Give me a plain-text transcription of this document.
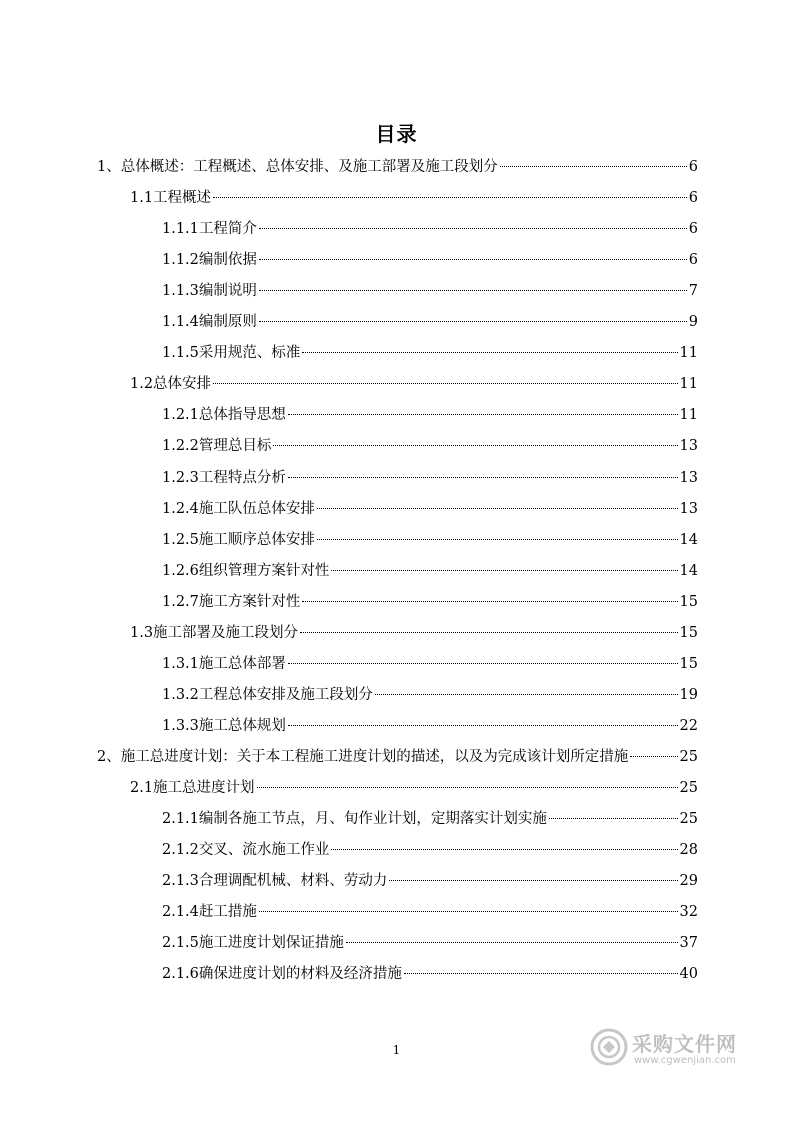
目录
1、总体概述：工程概述、总体安排、及施工部署及施工段划分	6
1.1工程概述	6
1.1.1工程简介	6
1.1.2编制依据	6
1.1.3编制说明	7
1.1.4编制原则	9
1.1.5采用规范、标准	11
1.2总体安排	11
1.2.1总体指导思想	11
1.2.2管理总目标	13
1.2.3工程特点分析	13
1.2.4施工队伍总体安排	13
1.2.5施工顺序总体安排	14
1.2.6组织管理方案针对性	14
1.2.7施工方案针对性	15
1.3施工部署及施工段划分	15
1.3.1施工总体部署	15
1.3.2工程总体安排及施工段划分	19
1.3.3施工总体规划	22
2、施工总进度计划：关于本工程施工进度计划的描述，以及为完成该计划所定措施	25
2.1施工总进度计划	25
2.1.1编制各施工节点，月、旬作业计划，定期落实计划实施	25
2.1.2交叉、流水施工作业	28
2.1.3合理调配机械、材料、劳动力	29
2.1.4赶工措施	32
2.1.5施工进度计划保证措施	37
2.1.6确保进度计划的材料及经济措施	40
1	采购文件网
www.cgwenjian.com
